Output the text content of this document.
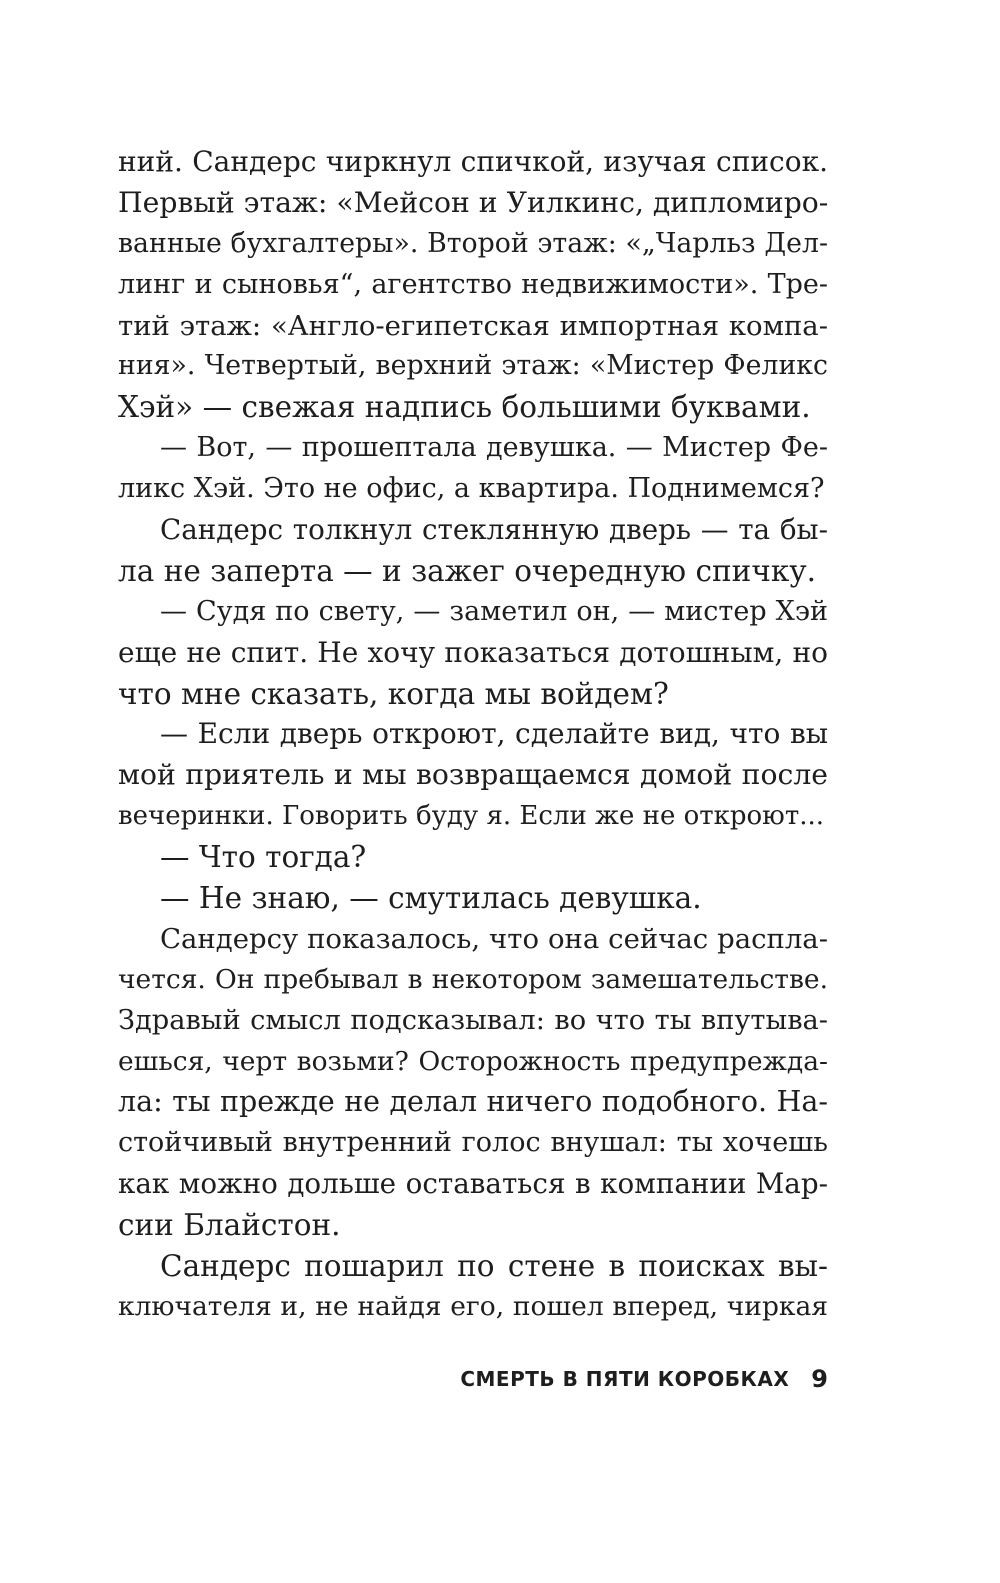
ний. Сандерс чиркнул спичкой, изучая список.
Первый этаж: «Мейсон и Уилкинс, дипломиро-
ванные бухгалтеры». Второй этаж: «„Чарльз Дел-
линг и сыновья“, агентство недвижимости». Тре-
тий этаж: «Англо-египетская импортная компа-
ния». Четвертый, верхний этаж: «Мистер Феликс
Хэй» — свежая надпись большими буквами.
— Вот, — прошептала девушка. — Мистер Фе-
ликс Хэй. Это не офис, а квартира. Поднимемся?
Сандерс толкнул стеклянную дверь — та бы-
ла не заперта — и зажег очередную спичку.
— Судя по свету, — заметил он, — мистер Хэй
еще не спит. Не хочу показаться дотошным, но
что мне сказать, когда мы войдем?
— Если дверь откроют, сделайте вид, что вы
мой приятель и мы возвращаемся домой после
вечеринки. Говорить буду я. Если же не откроют...
— Что тогда?
— Не знаю, — смутилась девушка.
Сандерсу показалось, что она сейчас распла-
чется. Он пребывал в некотором замешательстве.
Здравый смысл подсказывал: во что ты впутыва-
ешься, черт возьми? Осторожность предупрежда-
ла: ты прежде не делал ничего подобного. На-
стойчивый внутренний голос внушал: ты хочешь
как можно дольше оставаться в компании Мар-
сии Блайстон.
Сандерс пошарил по стене в поисках вы-
ключателя и, не найдя его, пошел вперед, чиркая
СМЕРТЬ В ПЯТИ КОРОБКАХ 9
